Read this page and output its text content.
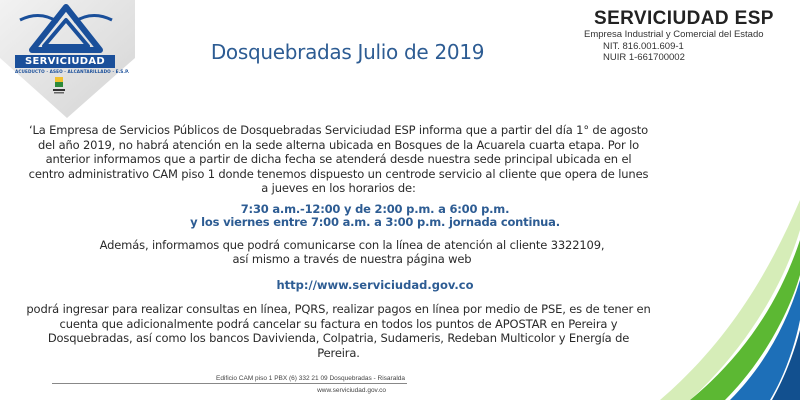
SERVICIUDAD
ACUEDUCTO · ASEO · ALCANTARILLADO · E.S.P.
Dosquebradas Julio de 2019
SERVICIUDAD ESP
Empresa Industrial y Comercial del Estado
NIT. 816.001.609-1
NUIR 1-661700002
‘La Empresa de Servicios Públicos de Dosquebradas Serviciudad ESP informa que a partir del día 1° de agosto del año 2019, no habrá atención en la sede alterna ubicada en Bosques de la Acuarela cuarta etapa. Por lo anterior informamos que a partir de dicha fecha se atenderá desde nuestra sede principal ubicada en el centro administrativo CAM piso 1 donde tenemos dispuesto un centrode servicio al cliente que opera de lunes a jueves en los horarios de:
7:30 a.m.-12:00 y de 2:00 p.m. a 6:00 p.m.
y los viernes entre 7:00 a.m. a 3:00 p.m. jornada continua.
Además, informamos que podrá comunicarse con la línea de atención al cliente 3322109, así mismo a través de nuestra página web
http://www.serviciudad.gov.co
podrá ingresar para realizar consultas en línea, PQRS, realizar pagos en línea por medio de PSE, es de tener en cuenta que adicionalmente podrá cancelar su factura en todos los puntos de APOSTAR en Pereira y Dosquebradas, así como los bancos Davivienda, Colpatria, Sudameris, Redeban Multicolor y Energía de Pereira.
Edificio CAM piso 1 PBX (6) 332 21 09 Dosquebradas - Risaralda
www.serviciudad.gov.co
